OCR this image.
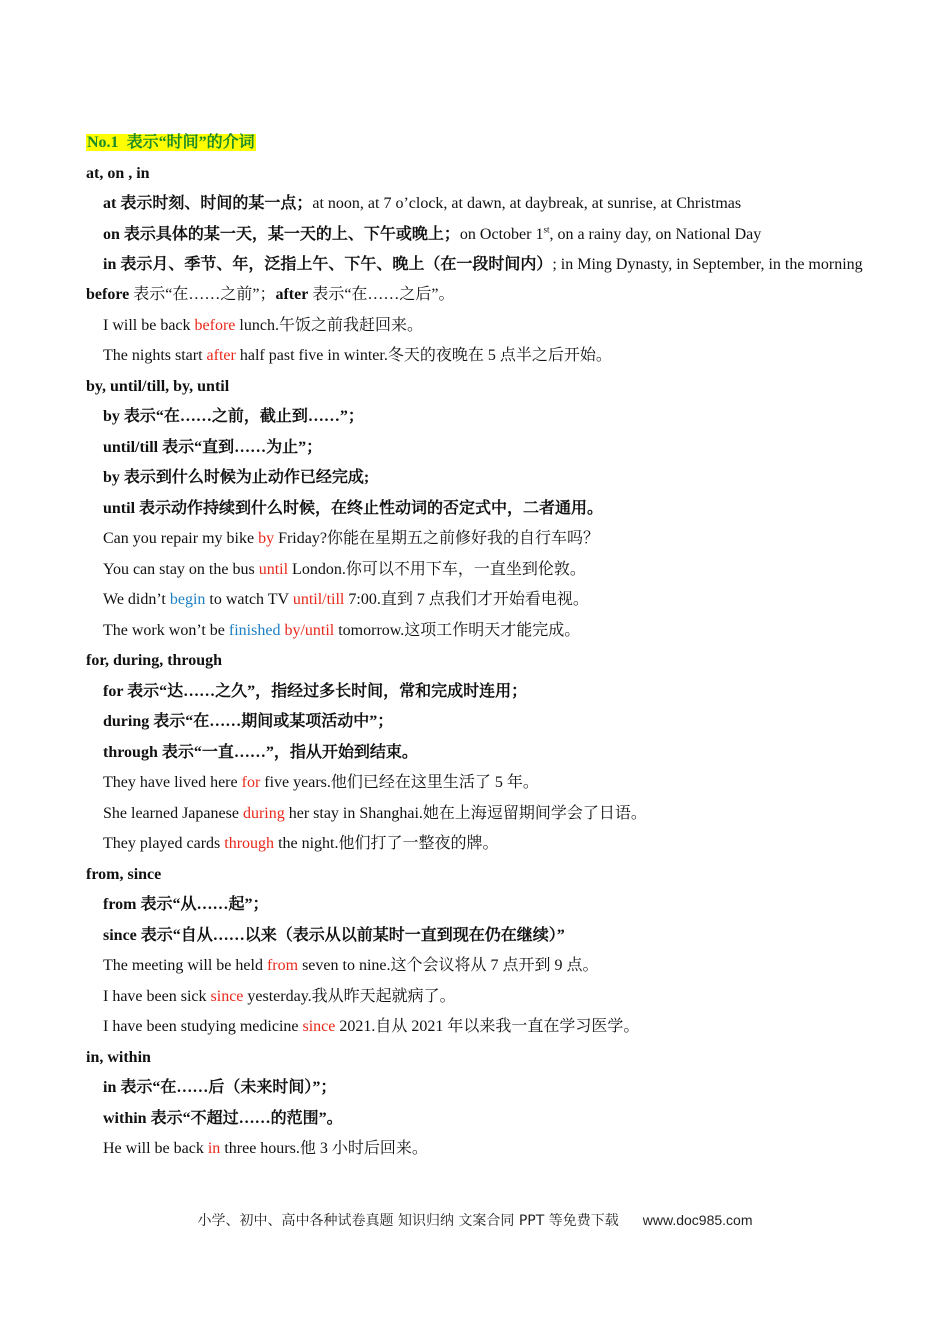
No.1 表示“时间”的介词
at, on , in
at 表示时刻、时间的某一点；at noon, at 7 o’clock, at dawn, at daybreak, at sunrise, at Christmas
on 表示具体的某一天，某一天的上、下午或晚上；on October 1st, on a rainy day, on National Day
in 表示月、季节、年，泛指上午、下午、晚上（在一段时间内）; in Ming Dynasty, in September, in the morning
before 表示“在……之前”；after 表示“在……之后”。
I will be back before lunch.午饭之前我赶回来。
The nights start after half past five in winter.冬天的夜晚在 5 点半之后开始。
by, until/till, by, until
by 表示“在……之前，截止到……”；
until/till 表示“直到……为止”；
by 表示到什么时候为止动作已经完成;
until 表示动作持续到什么时候，在终止性动词的否定式中，二者通用。
Can you repair my bike by Friday?你能在星期五之前修好我的自行车吗？
You can stay on the bus until London.你可以不用下车，一直坐到伦敦。
We didn’t begin to watch TV until/till 7:00.直到 7 点我们才开始看电视。
The work won’t be finished by/until tomorrow.这项工作明天才能完成。
for, during, through
for 表示“达……之久”，指经过多长时间，常和完成时连用；
during 表示“在……期间或某项活动中”；
through 表示“一直……”，指从开始到结束。
They have lived here for five years.他们已经在这里生活了 5 年。
She learned Japanese during her stay in Shanghai.她在上海逗留期间学会了日语。
They played cards through the night.他们打了一整夜的牌。
from, since
from 表示“从……起”；
since 表示“自从……以来（表示从以前某时一直到现在仍在继续）”
The meeting will be held from seven to nine.这个会议将从 7 点开到 9 点。
I have been sick since yesterday.我从昨天起就病了。
I have been studying medicine since 2021.自从 2021 年以来我一直在学习医学。
in, within
in 表示“在……后（未来时间）”；
within 表示“不超过……的范围”。
He will be back in three hours.他 3 小时后回来。
小学、初中、高中各种试卷真题 知识归纳 文案合同 PPT 等免费下载 www.doc985.com
